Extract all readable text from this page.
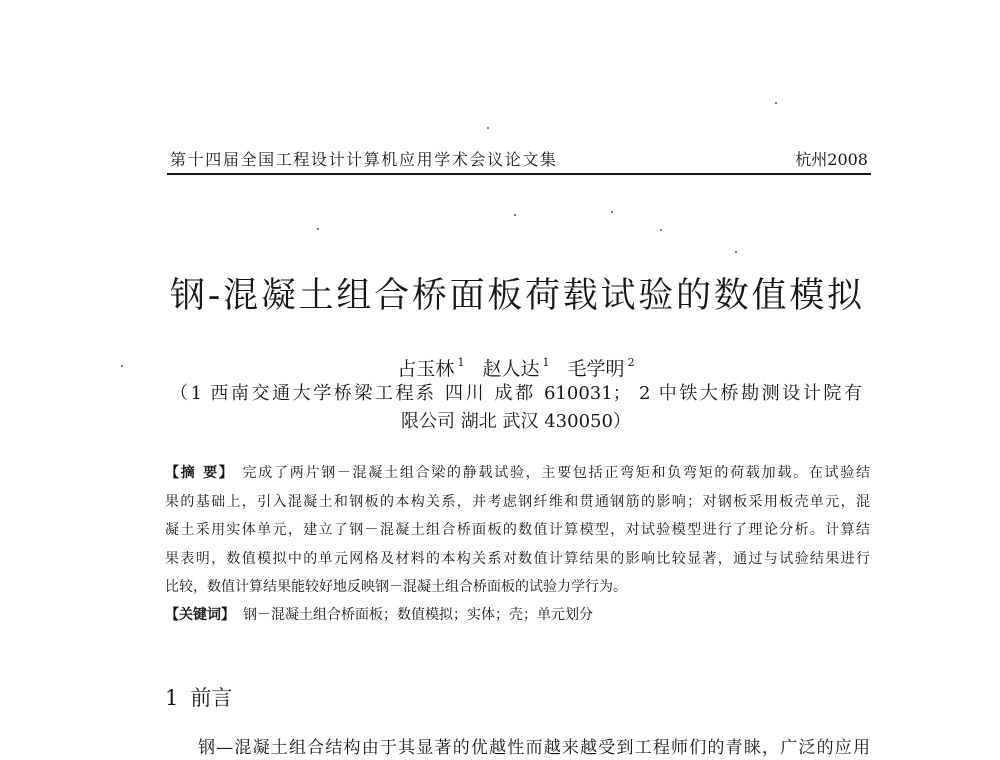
第十四届全国工程设计计算机应用学术会议论文集	杭州2008
钢-混凝土组合桥面板荷载试验的数值模拟
占玉林 $^1$ 赵人达 $^1$ 毛学明 $^2$
（1 西南交通大学桥梁工程系 四川 成都 610031； 2 中铁大桥勘测设计院有
限公司 湖北 武汉 430050）
【摘 要】 完成了两片钢－混凝土组合梁的静载试验，主要包括正弯矩和负弯矩的荷载加载。在试验结
果的基础上，引入混凝土和钢板的本构关系，并考虑钢纤维和贯通钢筋的影响；对钢板采用板壳单元，混
凝土采用实体单元，建立了钢－混凝土组合桥面板的数值计算模型，对试验模型进行了理论分析。计算结
果表明，数值模拟中的单元网格及材料的本构关系对数值计算结果的影响比较显著，通过与试验结果进行
比较，数值计算结果能较好地反映钢－混凝土组合桥面板的试验力学行为。
【关键词】 钢－混凝土组合桥面板；数值模拟；实体；壳；单元划分
1 前言
钢—混凝土组合结构由于其显著的优越性而越来越受到工程师们的青睐，广泛的应用
